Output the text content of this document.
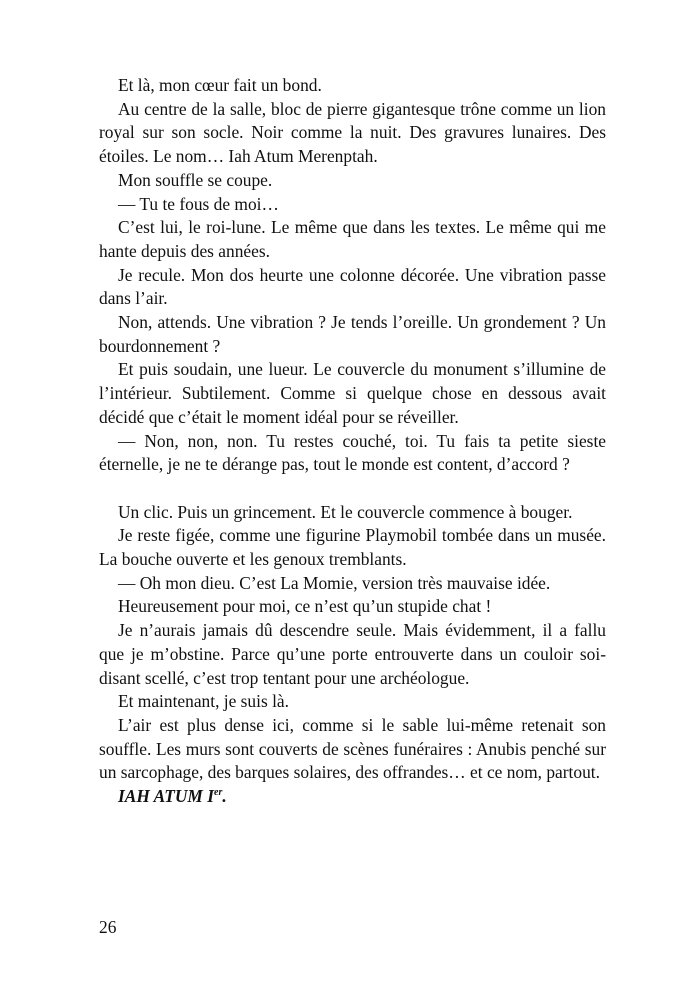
Et là, mon cœur fait un bond.

Au centre de la salle, bloc de pierre gigantesque trône comme un lion royal sur son socle. Noir comme la nuit. Des gravures lunaires. Des étoiles. Le nom… Iah Atum Merenptah.

Mon souffle se coupe.

— Tu te fous de moi…

C’est lui, le roi-lune. Le même que dans les textes. Le même qui me hante depuis des années.

Je recule. Mon dos heurte une colonne décorée. Une vibration passe dans l’air.

Non, attends. Une vibration ? Je tends l’oreille. Un grondement ? Un bourdonnement ?

Et puis soudain, une lueur. Le couvercle du monument s’illumine de l’intérieur. Subtilement. Comme si quelque chose en dessous avait décidé que c’était le moment idéal pour se réveiller.

— Non, non, non. Tu restes couché, toi. Tu fais ta petite sieste éternelle, je ne te dérange pas, tout le monde est content, d’accord ?

Un clic. Puis un grincement. Et le couvercle commence à bouger.

Je reste figée, comme une figurine Playmobil tombée dans un musée. La bouche ouverte et les genoux tremblants.

— Oh mon dieu. C’est La Momie, version très mauvaise idée.

Heureusement pour moi, ce n’est qu’un stupide chat !

Je n’aurais jamais dû descendre seule. Mais évidemment, il a fallu que je m’obstine. Parce qu’une porte entrouverte dans un couloir soi-disant scellé, c’est trop tentant pour une archéologue.

Et maintenant, je suis là.

L’air est plus dense ici, comme si le sable lui-même retenait son souffle. Les murs sont couverts de scènes funéraires : Anubis penché sur un sarcophage, des barques solaires, des offrandes… et ce nom, partout.

IAH ATUM Ier.

26
